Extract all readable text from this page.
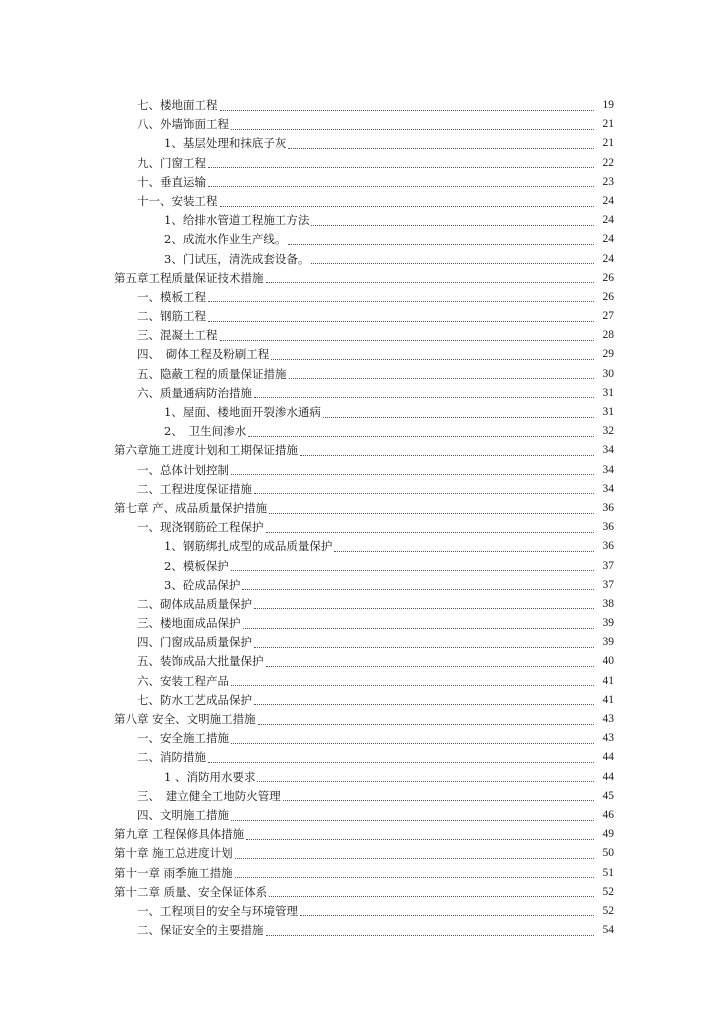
七、楼地面工程	19
八、外墙饰面工程	21
1、基层处理和抹底子灰	21
九、门窗工程	22
十、垂直运输	23
十一、安装工程	24
1、给排水管道工程施工方法	24
2、成流水作业生产线。	24
3、门试压，清洗成套设备。	24
第五章工程质量保证技术措施	26
一、模板工程	26
二、钢筋工程	27
三、混凝土工程	28
四、　砌体工程及粉刷工程	29
五、隐蔽工程的质量保证措施	30
六、质量通病防治措施	31
1、屋面、楼地面开裂渗水通病	31
2、　卫生间渗水	32
第六章施工进度计划和工期保证措施	34
一、总体计划控制	34
二、工程进度保证措施	34
第七章 产、成品质量保护措施	36
一、现浇钢筋砼工程保护	36
1、钢筋绑扎成型的成品质量保护	36
2、模板保护	37
3、砼成品保护	37
二、砌体成品质量保护	38
三、楼地面成品保护	39
四、门窗成品质量保护	39
五、装饰成品大批量保护	40
六、安装工程产品	41
七、防水工艺成品保护	41
第八章 安全、文明施工措施	43
一、安全施工措施	43
二、消防措施	44
1 、消防用水要求	44
三、　建立健全工地防火管理	45
四、文明施工措施	46
第九章 工程保修具体措施	49
第十章 施工总进度计划	50
第十一章 雨季施工措施	51
第十二章 质量、安全保证体系	52
一、工程项目的安全与环境管理	52
二、保证安全的主要措施	54
